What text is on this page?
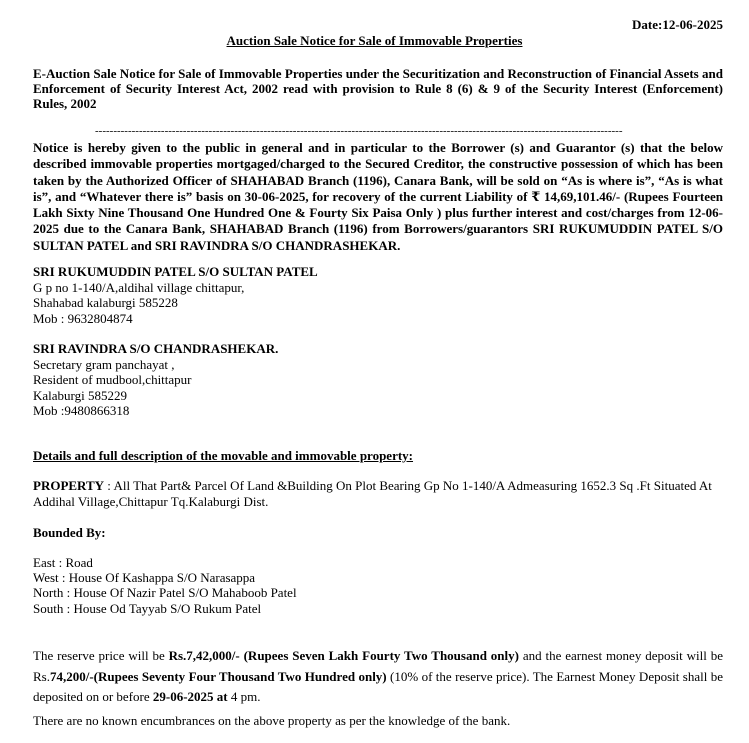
Date:12-06-2025
Auction Sale Notice for Sale of Immovable Properties
E-Auction Sale Notice for Sale of Immovable Properties under the Securitization and Reconstruction of Financial Assets and Enforcement of Security Interest Act, 2002 read with provision to Rule 8 (6) & 9 of the Security Interest (Enforcement) Rules, 2002
------------------------------------------------------------------------------------------------------------------------------------------------
Notice is hereby given to the public in general and in particular to the Borrower (s) and Guarantor (s) that the below described immovable properties mortgaged/charged to the Secured Creditor, the constructive possession of which has been taken by the Authorized Officer of SHAHABAD Branch (1196), Canara Bank, will be sold on “As is where is”, “As is what is”, and “Whatever there is” basis on 30-06-2025, for recovery of the current Liability of ₹ 14,69,101.46/- (Rupees Fourteen Lakh Sixty Nine Thousand One Hundred One & Fourty Six Paisa Only ) plus further interest and cost/charges from 12-06-2025 due to the Canara Bank, SHAHABAD Branch (1196) from Borrowers/guarantors SRI RUKUMUDDIN PATEL S/O SULTAN PATEL and SRI RAVINDRA S/O CHANDRASHEKAR.
SRI RUKUMUDDIN PATEL S/O SULTAN PATEL
G p no 1-140/A,aldihal village chittapur,
Shahabad kalaburgi 585228
Mob : 9632804874
SRI RAVINDRA S/O CHANDRASHEKAR.
Secretary gram panchayat ,
Resident of mudbool,chittapur
Kalaburgi 585229
Mob :9480866318
Details and full description of the movable and immovable property:
PROPERTY : All That Part& Parcel Of Land &Building On Plot Bearing Gp No 1-140/A Admeasuring 1652.3 Sq .Ft Situated At Addihal Village,Chittapur Tq.Kalaburgi Dist.
Bounded By:
East : Road
West : House Of Kashappa S/O Narasappa
North : House Of Nazir Patel S/O Mahaboob Patel
South : House Od Tayyab S/O Rukum Patel
The reserve price will be Rs.7,42,000/- (Rupees Seven Lakh Fourty Two Thousand only) and the earnest money deposit will be Rs.74,200/-(Rupees Seventy Four Thousand Two Hundred only) (10% of the reserve price). The Earnest Money Deposit shall be deposited on or before 29-06-2025 at 4 pm.
There are no known encumbrances on the above property as per the knowledge of the bank.
